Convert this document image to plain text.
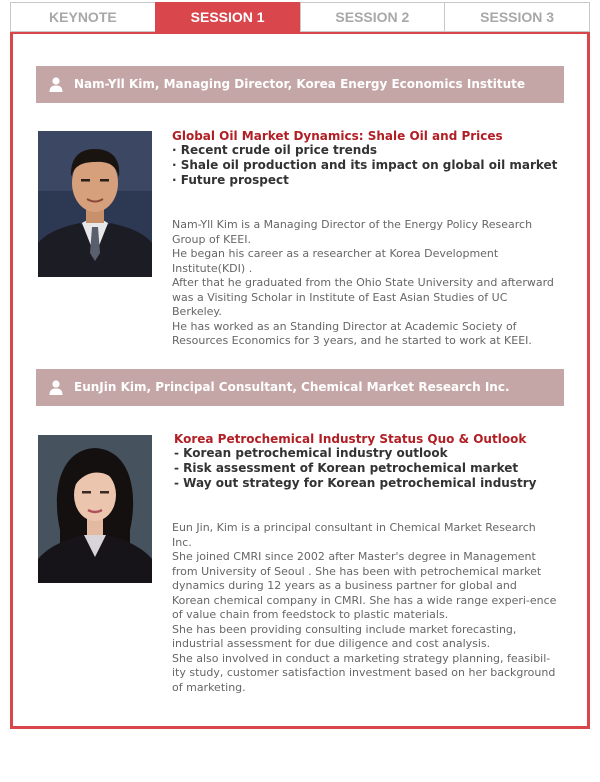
KEYNOTE	SESSION 1	SESSION 2	SESSION 3
Nam-Yll Kim, Managing Director, Korea Energy Economics Institute
Global Oil Market Dynamics: Shale Oil and Prices
· Recent crude oil price trends
· Shale oil production and its impact on global oil market
· Future prospect

Nam-Yll Kim is a Managing Director of the Energy Policy Research Group of KEEI.

He began his career as a researcher at Korea Development Institute(KDI) .

After that he graduated from the Ohio State University and afterward was a Visiting Scholar in Institute of East Asian Studies of UC Berkeley.

He has worked as an Standing Director at Academic Society of Resources Economics for 3 years, and he started to work at KEEI.

EunJin Kim, Principal Consultant, Chemical Market Research Inc.
Korea Petrochemical Industry Status Quo & Outlook
- Korean petrochemical industry outlook
- Risk assessment of Korean petrochemical market
- Way out strategy for Korean petrochemical industry

Eun Jin, Kim is a principal consultant in Chemical Market Research Inc.

She joined CMRI since 2002 after Master's degree in Management from University of Seoul . She has been with petrochemical market dynamics during 12 years as a business partner for global and Korean chemical company in CMRI. She has a wide range experi-ence of value chain from feedstock to plastic materials.

She has been providing consulting include market forecasting, industrial assessment for due diligence and cost analysis.

She also involved in conduct a marketing strategy planning, feasibil-ity study, customer satisfaction investment based on her background of marketing.
